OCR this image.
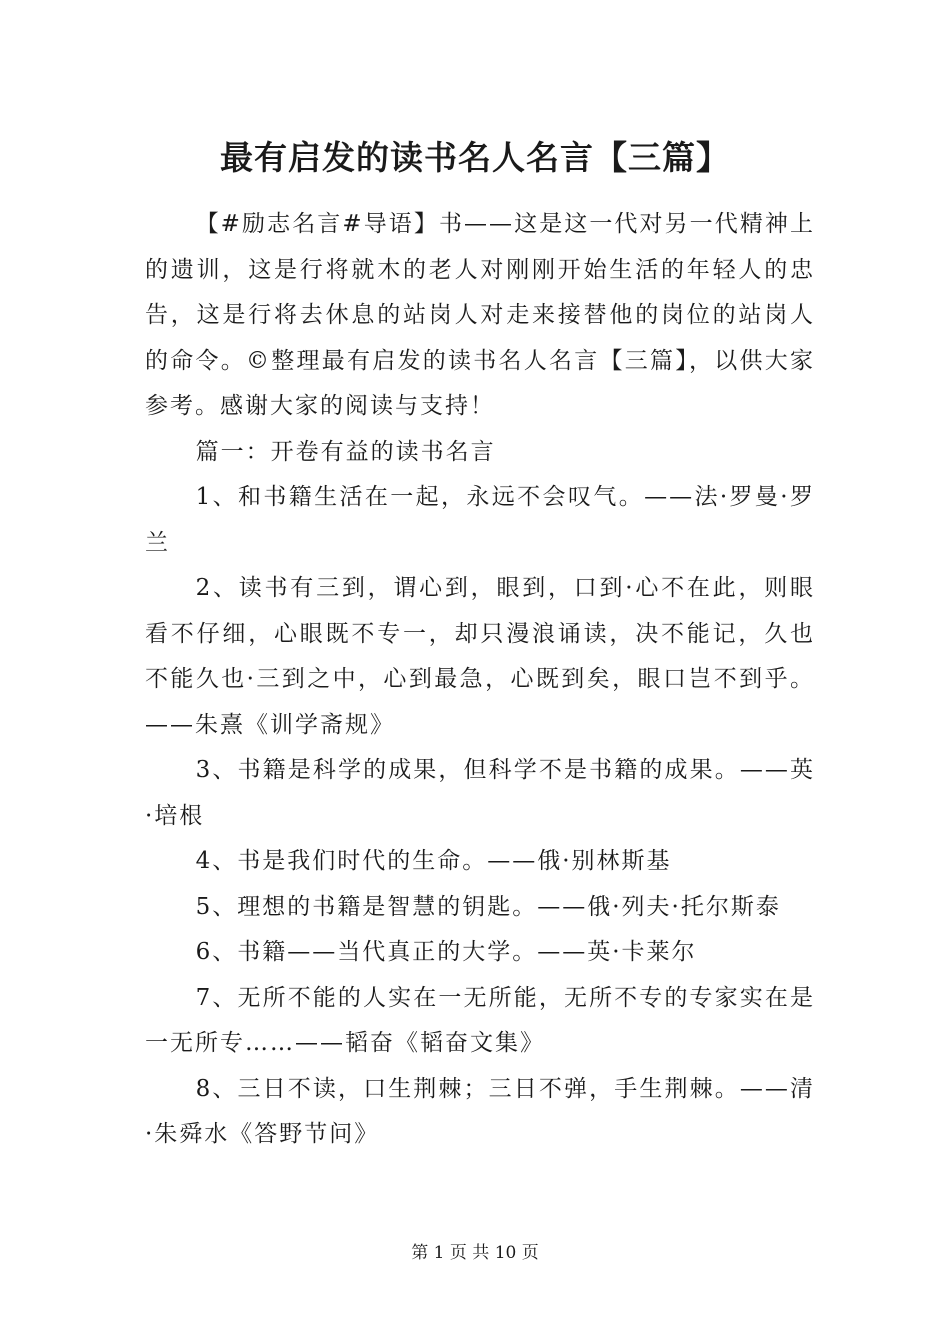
最有启发的读书名人名言【三篇】

【#励志名言#导语】书——这是这一代对另一代精神上的遗训，这是行将就木的老人对刚刚开始生活的年轻人的忠告，这是行将去休息的站岗人对走来接替他的岗位的站岗人的命令。©整理最有启发的读书名人名言【三篇】，以供大家参考。感谢大家的阅读与支持！

篇一：开卷有益的读书名言

1、和书籍生活在一起，永远不会叹气。——法·罗曼·罗兰

2、读书有三到，谓心到，眼到，口到·心不在此，则眼看不仔细，心眼既不专一，却只漫浪诵读，决不能记，久也不能久也·三到之中，心到最急，心既到矣，眼口岂不到乎。——朱熹《训学斋规》

3、书籍是科学的成果，但科学不是书籍的成果。——英·培根

4、书是我们时代的生命。——俄·别林斯基

5、理想的书籍是智慧的钥匙。——俄·列夫·托尔斯泰

6、书籍——当代真正的大学。——英·卡莱尔

7、无所不能的人实在一无所能，无所不专的专家实在是一无所专……——韬奋《韬奋文集》

8、三日不读，口生荆棘；三日不弹，手生荆棘。——清·朱舜水《答野节问》

第 1 页 共 10 页
